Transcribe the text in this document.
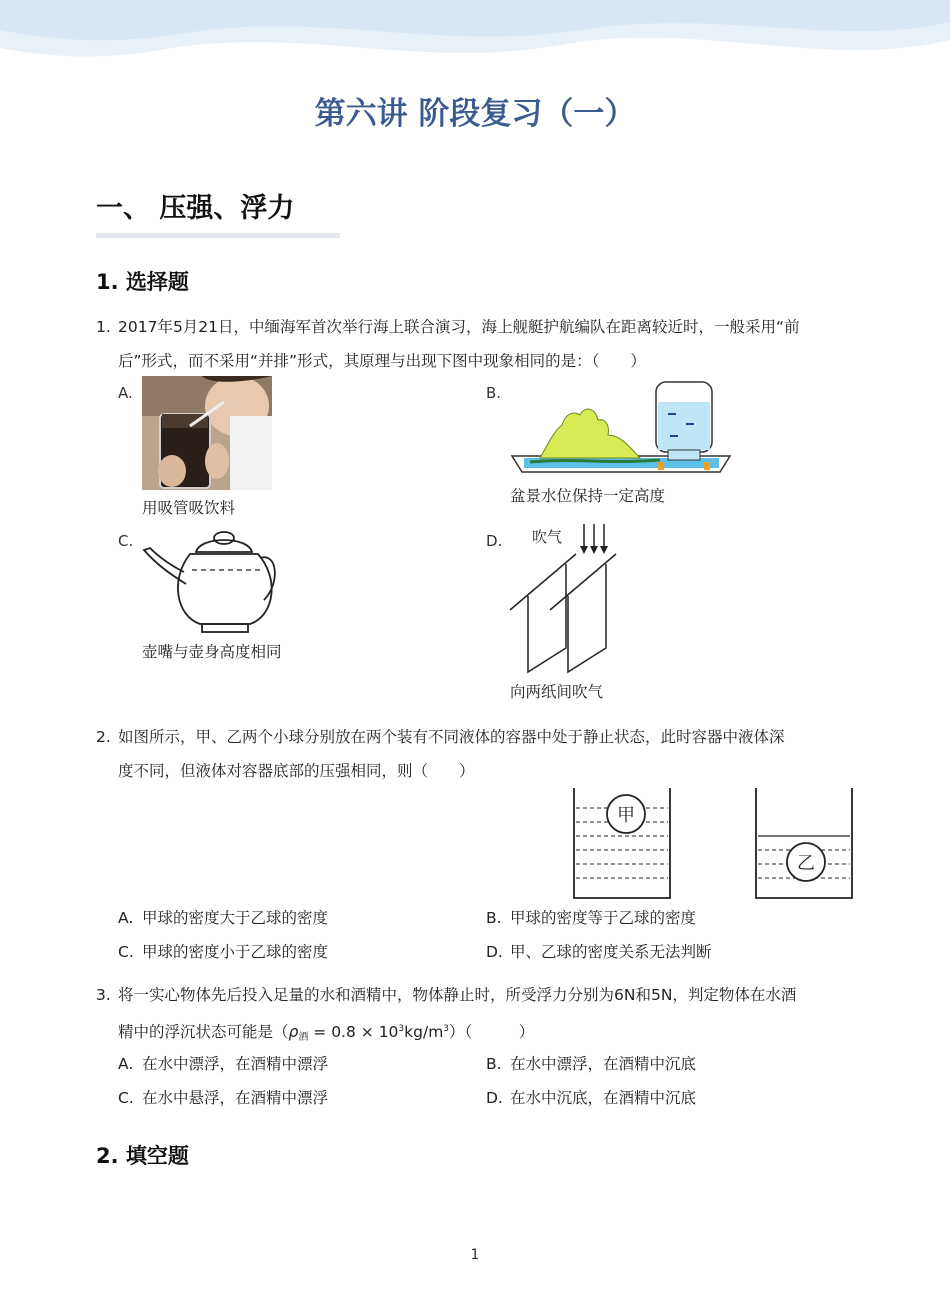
第六讲 阶段复习（一）
一、 压强、浮力
1. 选择题
1. 2017年5月21日，中缅海军首次举行海上联合演习，海上舰艇护航编队在距离较近时，一般采用“前
后”形式，而不采用“并排”形式，其原理与出现下图中现象相同的是：（　　）
A.
用吸管吸饮料
B.
盆景水位保持一定高度
C.
壶嘴与壶身高度相同
D. 吹气
向两纸间吹气
2. 如图所示，甲、乙两个小球分别放在两个装有不同液体的容器中处于静止状态，此时容器中液体深
度不同，但液体对容器底部的压强相同，则（　　）
甲
乙
A. 甲球的密度大于乙球的密度	B. 甲球的密度等于乙球的密度
C. 甲球的密度小于乙球的密度	D. 甲、乙球的密度关系无法判断
3. 将一实心物体先后投入足量的水和酒精中，物体静止时，所受浮力分别为6N和5N，判定物体在水酒
精中的浮沉状态可能是$(\rho_酒 = 0.8 \times 10^3kg/m^3)$（　　　）
A. 在水中漂浮，在酒精中漂浮	B. 在水中漂浮，在酒精中沉底
C. 在水中悬浮，在酒精中漂浮	D. 在水中沉底，在酒精中沉底
2. 填空题
1
